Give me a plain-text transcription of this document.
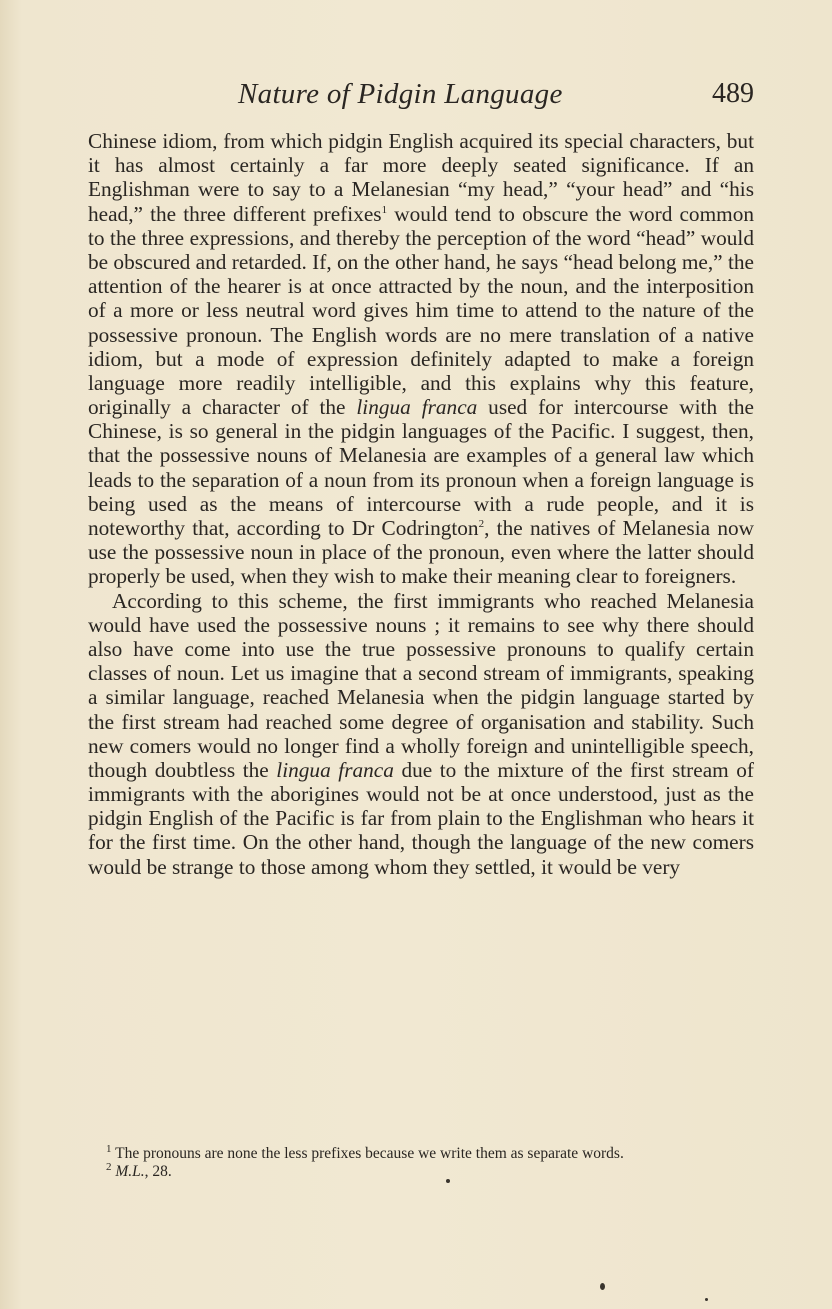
Nature of Pidgin Language	489

Chinese idiom, from which pidgin English acquired its special characters, but it has almost certainly a far more deeply seated significance. If an Englishman were to say to a Melanesian “my head,” “your head” and “his head,” the three different prefixes$^1$ would tend to obscure the word common to the three expressions, and thereby the perception of the word “head” would be obscured and retarded. If, on the other hand, he says “head belong me,” the attention of the hearer is at once attracted by the noun, and the interposition of a more or less neutral word gives him time to attend to the nature of the possessive pronoun. The English words are no mere translation of a native idiom, but a mode of expression definitely adapted to make a foreign language more readily intelligible, and this explains why this feature, originally a character of the lingua franca used for intercourse with the Chinese, is so general in the pidgin languages of the Pacific. I suggest, then, that the possessive nouns of Melanesia are examples of a general law which leads to the separation of a noun from its pronoun when a foreign language is being used as the means of intercourse with a rude people, and it is noteworthy that, according to Dr Codrington$^2$, the natives of Melanesia now use the possessive noun in place of the pronoun, even where the latter should properly be used, when they wish to make their meaning clear to foreigners.

According to this scheme, the first immigrants who reached Melanesia would have used the possessive nouns ; it remains to see why there should also have come into use the true possessive pronouns to qualify certain classes of noun. Let us imagine that a second stream of immigrants, speaking a similar language, reached Melanesia when the pidgin language started by the first stream had reached some degree of organisation and stability. Such new comers would no longer find a wholly foreign and unintelligible speech, though doubtless the lingua franca due to the mixture of the first stream of immigrants with the aborigines would not be at once understood, just as the pidgin English of the Pacific is far from plain to the Englishman who hears it for the first time. On the other hand, though the language of the new comers would be strange to those among whom they settled, it would be very

$^1$ The pronouns are none the less prefixes because we write them as separate words.

$^2$ M.L., 28.
